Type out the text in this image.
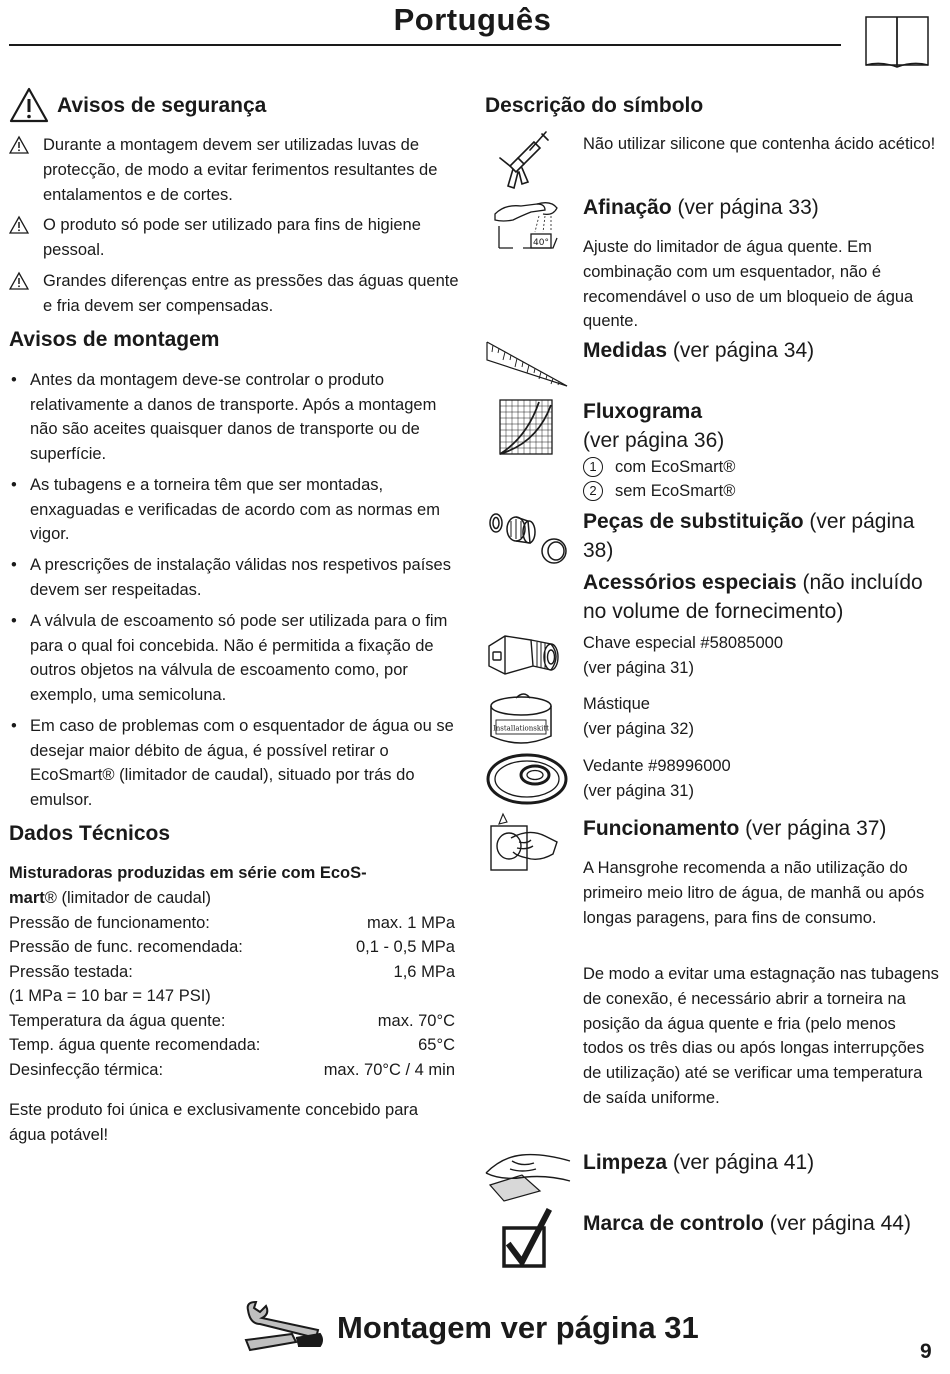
Português
Avisos de segurança
Durante a montagem devem ser utilizadas luvas de protecção, de modo a evitar ferimentos resultantes de entalamentos e de cortes.
O produto só pode ser utilizado para fins de higiene pessoal.
Grandes diferenças entre as pressões das águas quente e fria devem ser compensadas.
Avisos de montagem
• Antes da montagem deve-se controlar o produto relativamente a danos de transporte. Após a montagem não são aceites quaisquer danos de transporte ou de superfície.
• As tubagens e a torneira têm que ser montadas, enxaguadas e verificadas de acordo com as normas em vigor.
• A prescrições de instalação válidas nos respetivos países devem ser respeitadas.
• A válvula de escoamento só pode ser utilizada para o fim para o qual foi concebida. Não é permitida a fixação de outros objetos na válvula de escoamento como, por exemplo, uma semicoluna.
• Em caso de problemas com o esquentador de água ou se desejar maior débito de água, é possível retirar o EcoSmart® (limitador de caudal), situado por trás do emulsor.
Dados Técnicos
Misturadoras produzidas em série com EcoS-
mart® (limitador de caudal)
Pressão de funcionamento:	max. 1 MPa
Pressão de func. recomendada:	0,1 - 0,5 MPa
Pressão testada:	1,6 MPa
(1 MPa = 10 bar = 147 PSI)
Temperatura da água quente:	max. 70°C
Temp. água quente recomendada:	65°C
Desinfecção térmica:	max. 70°C / 4 min
Este produto foi única e exclusivamente concebido para água potável!
Descrição do símbolo
Não utilizar silicone que contenha ácido acético!
40°
Afinação (ver página 33)
Ajuste do limitador de água quente. Em combinação com um esquentador, não é recomendável o uso de um bloqueio de água quente.
Medidas (ver página 34)
Fluxograma
(ver página 36)
1 com EcoSmart®
2 sem EcoSmart®
Peças de substituição (ver página 38)
Acessórios especiais (não incluído no volume de fornecimento)
Chave especial #58085000
(ver página 31)
Installationskitt
Mástique
(ver página 32)
Vedante #98996000
(ver página 31)
Funcionamento (ver página 37)
A Hansgrohe recomenda a não utilização do primeiro meio litro de água, de manhã ou após longas paragens, para fins de consumo.
De modo a evitar uma estagnação nas tubagens de conexão, é necessário abrir a torneira na posição da água quente e fria (pelo menos todos os três dias ou após longas interrupções de utilização) até se verificar uma temperatura de saída uniforme.
Limpeza (ver página 41)
Marca de controlo (ver página 44)
Montagem ver página 31
9
